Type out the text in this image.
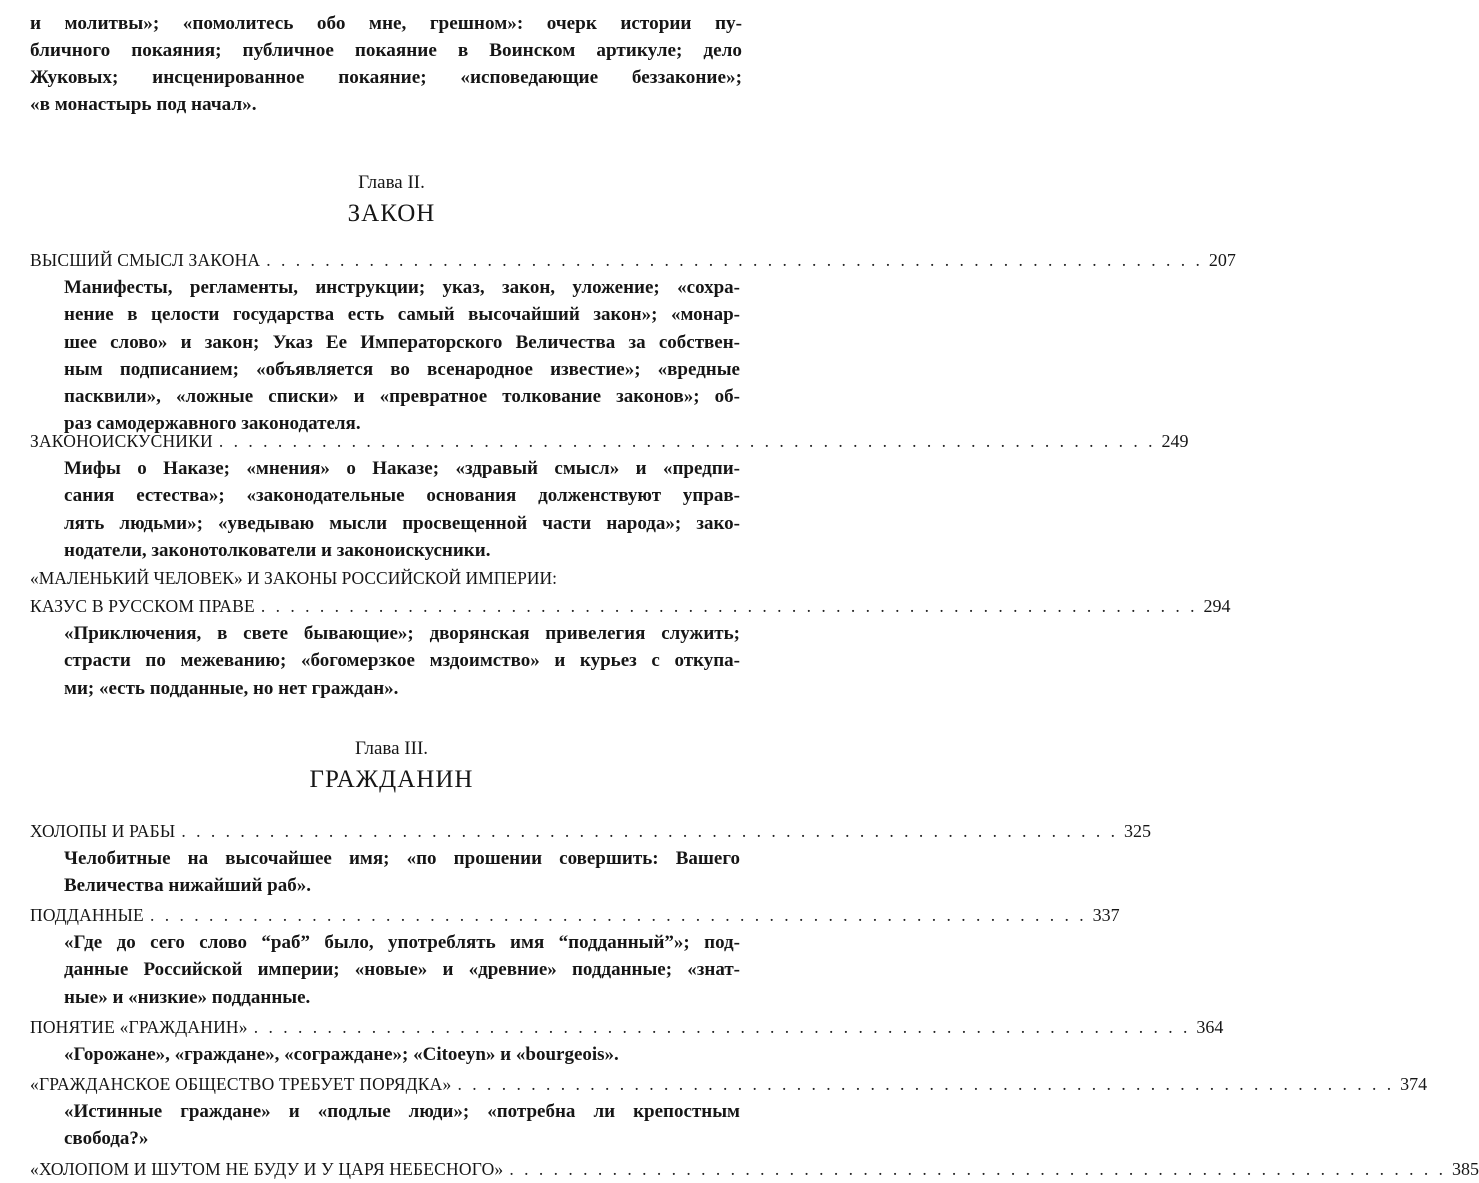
и молитвы»; «помолитесь обо мне, грешном»: очерк истории пу-
бличного покаяния; публичное покаяние в Воинском артикуле; дело
Жуковых; инсценированное покаяние; «исповедающие беззаконие»;
«в монастырь под начал».
Глава II.
ЗАКОН
ВЫСШИЙ СМЫСЛ ЗАКОНА . . . . . . . . . . . . . . . . . . . . . . . . . . . . . . . . . . . . . . . . . . . . . . . . . . . . . . . . . . . . . . . . 207
Манифесты, регламенты, инструкции; указ, закон, уложение; «сохра-
нение в целости государства есть самый высочайший закон»; «монар-
шее слово» и закон; Указ Ее Императорского Величества за собствен-
ным подписанием; «объявляется во всенародное известие»; «вредные
пасквили», «ложные списки» и «превратное толкование законов»; об-
раз самодержавного законодателя.
ЗАКОНОИСКУСНИКИ . . . . . . . . . . . . . . . . . . . . . . . . . . . . . . . . . . . . . . . . . . . . . . . . . . . . . . . . . . . . . . . . 249
Мифы о Наказе; «мнения» о Наказе; «здравый смысл» и «предпи-
сания естества»; «законодательные основания долженствуют управ-
лять людьми»; «уведываю мысли просвещенной части народа»; зако-
нодатели, законотолкователи и законоискусники.
«МАЛЕНЬКИЙ ЧЕЛОВЕК» И ЗАКОНЫ РОССИЙСКОЙ ИМПЕРИИ:
КАЗУС В РУССКОМ ПРАВЕ . . . . . . . . . . . . . . . . . . . . . . . . . . . . . . . . . . . . . . . . . . . . . . . . . . . . . . . . . . . . . . . . 294
«Приключения, в свете бывающие»; дворянская привелегия служить;
страсти по межеванию; «богомерзкое мздоимство» и курьез с откупа-
ми; «есть подданные, но нет граждан».
Глава III.
ГРАЖДАНИН
ХОЛОПЫ И РАБЫ . . . . . . . . . . . . . . . . . . . . . . . . . . . . . . . . . . . . . . . . . . . . . . . . . . . . . . . . . . . . . . . . 325
Челобитные на высочайшее имя; «по прошении совершить: Вашего
Величества нижайший раб».
ПОДДАННЫЕ . . . . . . . . . . . . . . . . . . . . . . . . . . . . . . . . . . . . . . . . . . . . . . . . . . . . . . . . . . . . . . . . 337
«Где до сего слово “раб” было, употреблять имя “подданный”»; под-
данные Российской империи; «новые» и «древние» подданные; «знат-
ные» и «низкие» подданные.
ПОНЯТИЕ «ГРАЖДАНИН» . . . . . . . . . . . . . . . . . . . . . . . . . . . . . . . . . . . . . . . . . . . . . . . . . . . . . . . . . . . . . . . . 364
«Горожане», «граждане», «сограждане»; «Citoeyn» и «bourgeois».
«ГРАЖДАНСКОЕ ОБЩЕСТВО ТРЕБУЕТ ПОРЯДКА» . . . . . . . . . . . . . . . . . . . . . . . . . . . . . . . . . . . . . . . . . . . . . . . . . . . . . . . . . . . . . . . . 374
«Истинные граждане» и «подлые люди»; «потребна ли крепостным
свобода?»
«ХОЛОПОМ И ШУТОМ НЕ БУДУ И У ЦАРЯ НЕБЕСНОГО» . . . . . . . . . . . . . . . . . . . . . . . . . . . . . . . . . . . . . . . . . . . . . . . . . . . . . . . . . . . . . . . . 385
